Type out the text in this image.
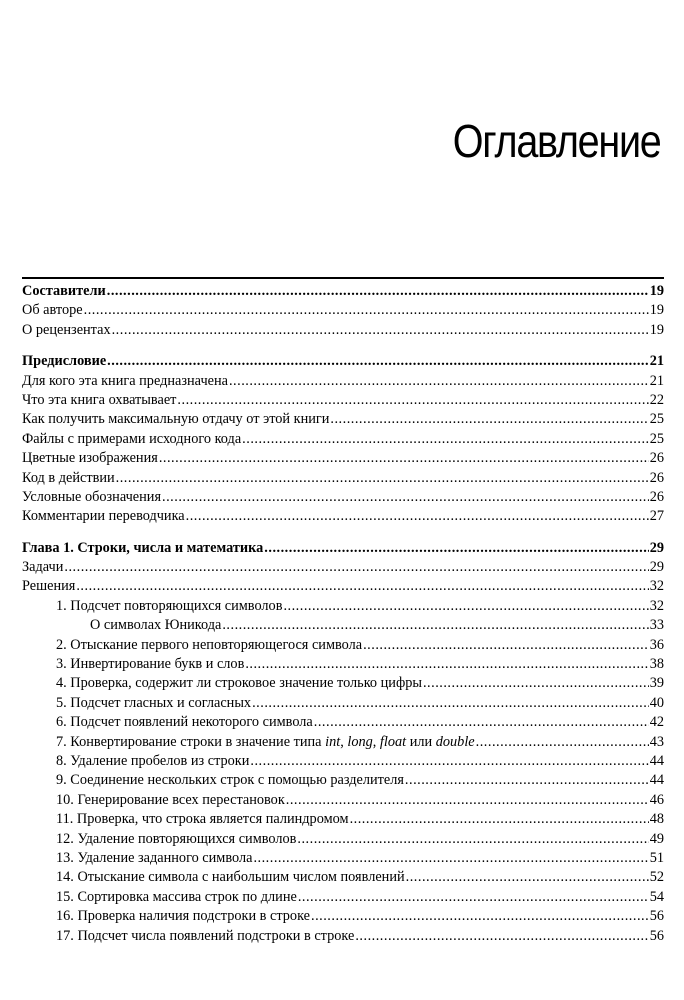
Оглавление
Составители .....	19
Об авторе .....	19
О рецензентах .....	19
Предисловие .....	21
Для кого эта книга предназначена .....	21
Что эта книга охватывает .....	22
Как получить максимальную отдачу от этой книги .....	25
Файлы с примерами исходного кода .....	25
Цветные изображения .....	26
Код в действии .....	26
Условные обозначения .....	26
Комментарии переводчика .....	27
Глава 1. Строки, числа и математика .....	29
Задачи .....	29
Решения .....	32
1. Подсчет повторяющихся символов .....	32
О символах Юникода .....	33
2. Отыскание первого неповторяющегося символа .....	36
3. Инвертирование букв и слов .....	38
4. Проверка, содержит ли строковое значение только цифры .....	39
5. Подсчет гласных и согласных .....	40
6. Подсчет появлений некоторого символа .....	42
7. Конвертирование строки в значение типа int, long, float или double .....	43
8. Удаление пробелов из строки .....	44
9. Соединение нескольких строк с помощью разделителя .....	44
10. Генерирование всех перестановок .....	46
11. Проверка, что строка является палиндромом .....	48
12. Удаление повторяющихся символов .....	49
13. Удаление заданного символа .....	51
14. Отыскание символа с наибольшим числом появлений .....	52
15. Сортировка массива строк по длине .....	54
16. Проверка наличия подстроки в строке .....	56
17. Подсчет числа появлений подстроки в строке .....	56
